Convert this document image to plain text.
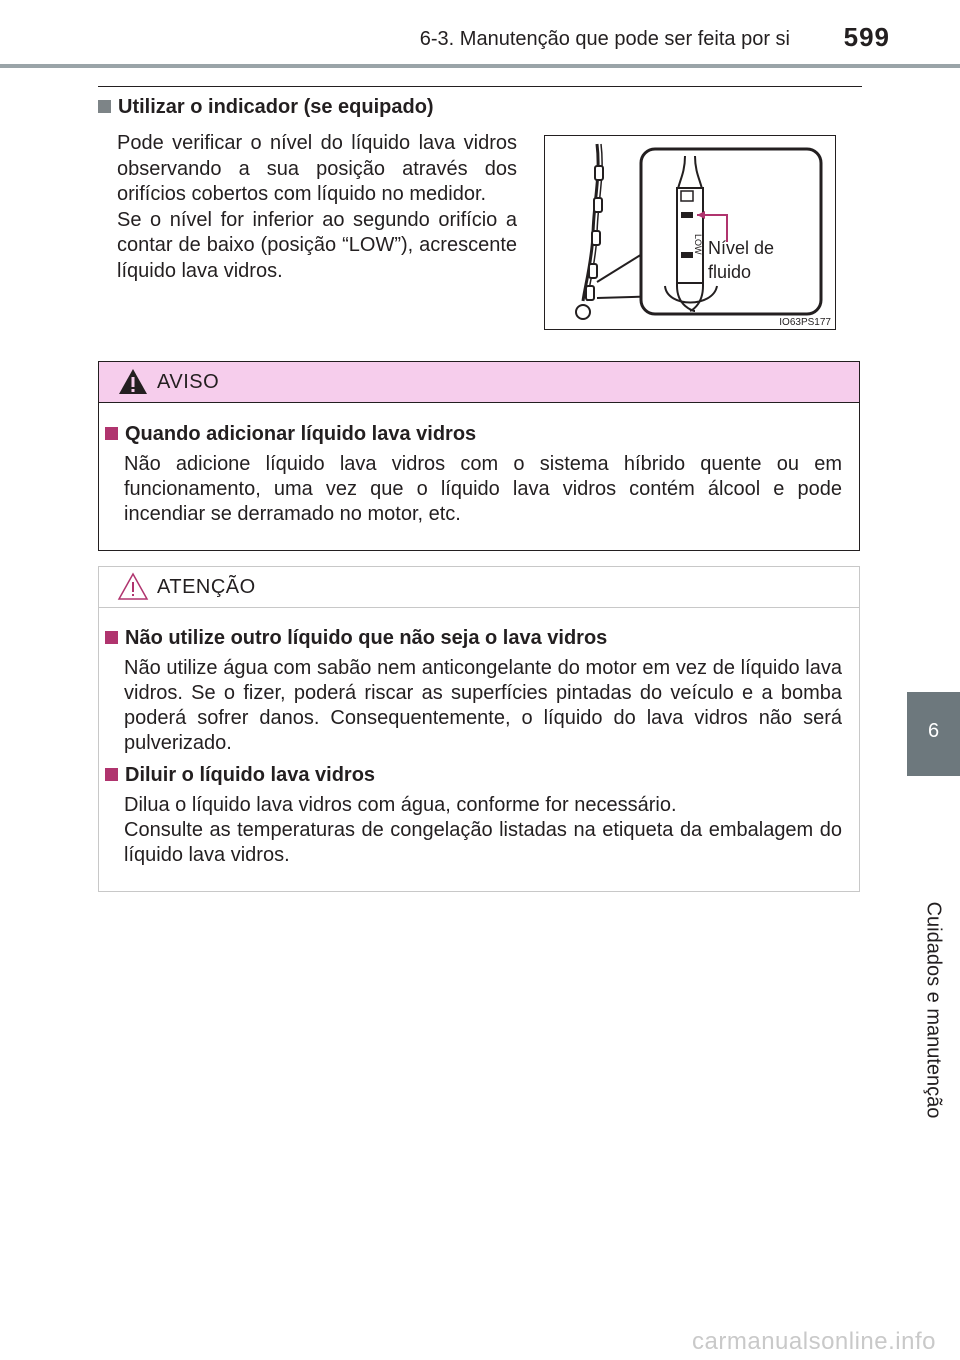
6-3. Manutenção que pode ser feita por si 599
6
Cuidados e manutenção
Utilizar o indicador (se equipado)
Pode verificar o nível do líquido lava vidros observando a sua posição através dos orifícios cobertos com líquido no medidor.
Se o nível for inferior ao segundo orifício a contar de baixo (posição “LOW”), acrescente líquido lava vidros.
LOW Nível de fluido
IO63PS177
AVISO
Quando adicionar líquido lava vidros
Não adicione líquido lava vidros com o sistema híbrido quente ou em funcionamento, uma vez que o líquido lava vidros contém álcool e pode incendiar se derramado no motor, etc.
ATENÇÃO
Não utilize outro líquido que não seja o lava vidros
Não utilize água com sabão nem anticongelante do motor em vez de líquido lava vidros. Se o fizer, poderá riscar as superfícies pintadas do veículo e a bomba poderá sofrer danos. Consequentemente, o líquido do lava vidros não será pulverizado.
Diluir o líquido lava vidros
Dilua o líquido lava vidros com água, conforme for necessário.
Consulte as temperaturas de congelação listadas na etiqueta da embalagem do líquido lava vidros.
carmanualsonline.info
